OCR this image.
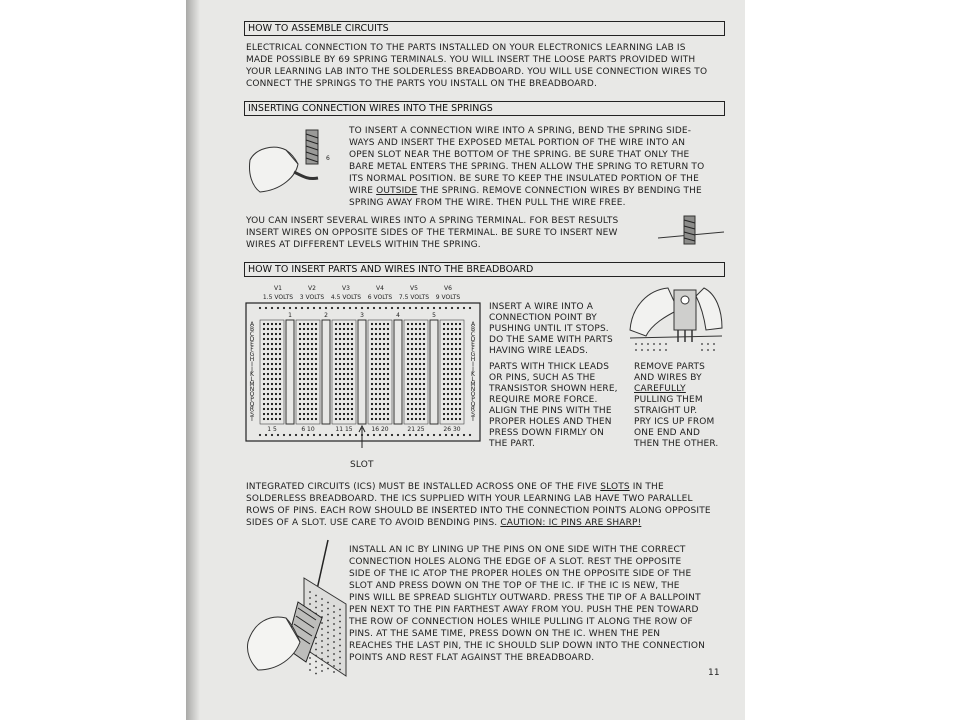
HOW TO ASSEMBLE CIRCUITS
ELECTRICAL CONNECTION TO THE PARTS INSTALLED ON YOUR ELECTRONICS LEARNING LAB IS
MADE POSSIBLE BY 69 SPRING TERMINALS. YOU WILL INSERT THE LOOSE PARTS PROVIDED WITH
YOUR LEARNING LAB INTO THE SOLDERLESS BREADBOARD. YOU WILL USE CONNECTION WIRES TO
CONNECT THE SPRINGS TO THE PARTS YOU INSTALL ON THE BREADBOARD.
INSERTING CONNECTION WIRES INTO THE SPRINGS
6
TO INSERT A CONNECTION WIRE INTO A SPRING, BEND THE SPRING SIDE-
WAYS AND INSERT THE EXPOSED METAL PORTION OF THE WIRE INTO AN
OPEN SLOT NEAR THE BOTTOM OF THE SPRING. BE SURE THAT ONLY THE
BARE METAL ENTERS THE SPRING. THEN ALLOW THE SPRING TO RETURN TO
ITS NORMAL POSITION. BE SURE TO KEEP THE INSULATED PORTION OF THE
WIRE OUTSIDE THE SPRING. REMOVE CONNECTION WIRES BY BENDING THE
SPRING AWAY FROM THE WIRE. THEN PULL THE WIRE FREE.
YOU CAN INSERT SEVERAL WIRES INTO A SPRING TERMINAL. FOR BEST RESULTS
INSERT WIRES ON OPPOSITE SIDES OF THE TERMINAL. BE SURE TO INSERT NEW
WIRES AT DIFFERENT LEVELS WITHIN THE SPRING.
HOW TO INSERT PARTS AND WIRES INTO THE BREADBOARD
V1
1.5 VOLTS
V2
3 VOLTS
V3
4.5 VOLTS
V4
6 VOLTS
V5
7.5 VOLTS
V6
9 VOLTS
1	2	3	4	5
A	A
B	B
C	C
D	D
E	E
F	F
G	G
H	H
I	I
J	J
K	K
L	L
M	M
N	N
O	O
P	P
Q	Q
R	R
S	S
T	T
1 5	6 10	11 15	16 20	21 25	26 30
SLOT
INSERT A WIRE INTO A
CONNECTION POINT BY
PUSHING UNTIL IT STOPS.
DO THE SAME WITH PARTS
HAVING WIRE LEADS.
PARTS WITH THICK LEADS
OR PINS, SUCH AS THE
TRANSISTOR SHOWN HERE,
REQUIRE MORE FORCE.
ALIGN THE PINS WITH THE
PROPER HOLES AND THEN
PRESS DOWN FIRMLY ON
THE PART.
REMOVE PARTS
AND WIRES BY
CAREFULLY
PULLING THEM
STRAIGHT UP.
PRY ICS UP FROM
ONE END AND
THEN THE OTHER.
INTEGRATED CIRCUITS (ICS) MUST BE INSTALLED ACROSS ONE OF THE FIVE SLOTS IN THE
SOLDERLESS BREADBOARD. THE ICS SUPPLIED WITH YOUR LEARNING LAB HAVE TWO PARALLEL
ROWS OF PINS. EACH ROW SHOULD BE INSERTED INTO THE CONNECTION POINTS ALONG OPPOSITE
SIDES OF A SLOT. USE CARE TO AVOID BENDING PINS. CAUTION: IC PINS ARE SHARP!
INSTALL AN IC BY LINING UP THE PINS ON ONE SIDE WITH THE CORRECT
CONNECTION HOLES ALONG THE EDGE OF A SLOT. REST THE OPPOSITE
SIDE OF THE IC ATOP THE PROPER HOLES ON THE OPPOSITE SIDE OF THE
SLOT AND PRESS DOWN ON THE TOP OF THE IC. IF THE IC IS NEW, THE
PINS WILL BE SPREAD SLIGHTLY OUTWARD. PRESS THE TIP OF A BALLPOINT
PEN NEXT TO THE PIN FARTHEST AWAY FROM YOU. PUSH THE PEN TOWARD
THE ROW OF CONNECTION HOLES WHILE PULLING IT ALONG THE ROW OF
PINS. AT THE SAME TIME, PRESS DOWN ON THE IC. WHEN THE PEN
REACHES THE LAST PIN, THE IC SHOULD SLIP DOWN INTO THE CONNECTION
POINTS AND REST FLAT AGAINST THE BREADBOARD.
11
